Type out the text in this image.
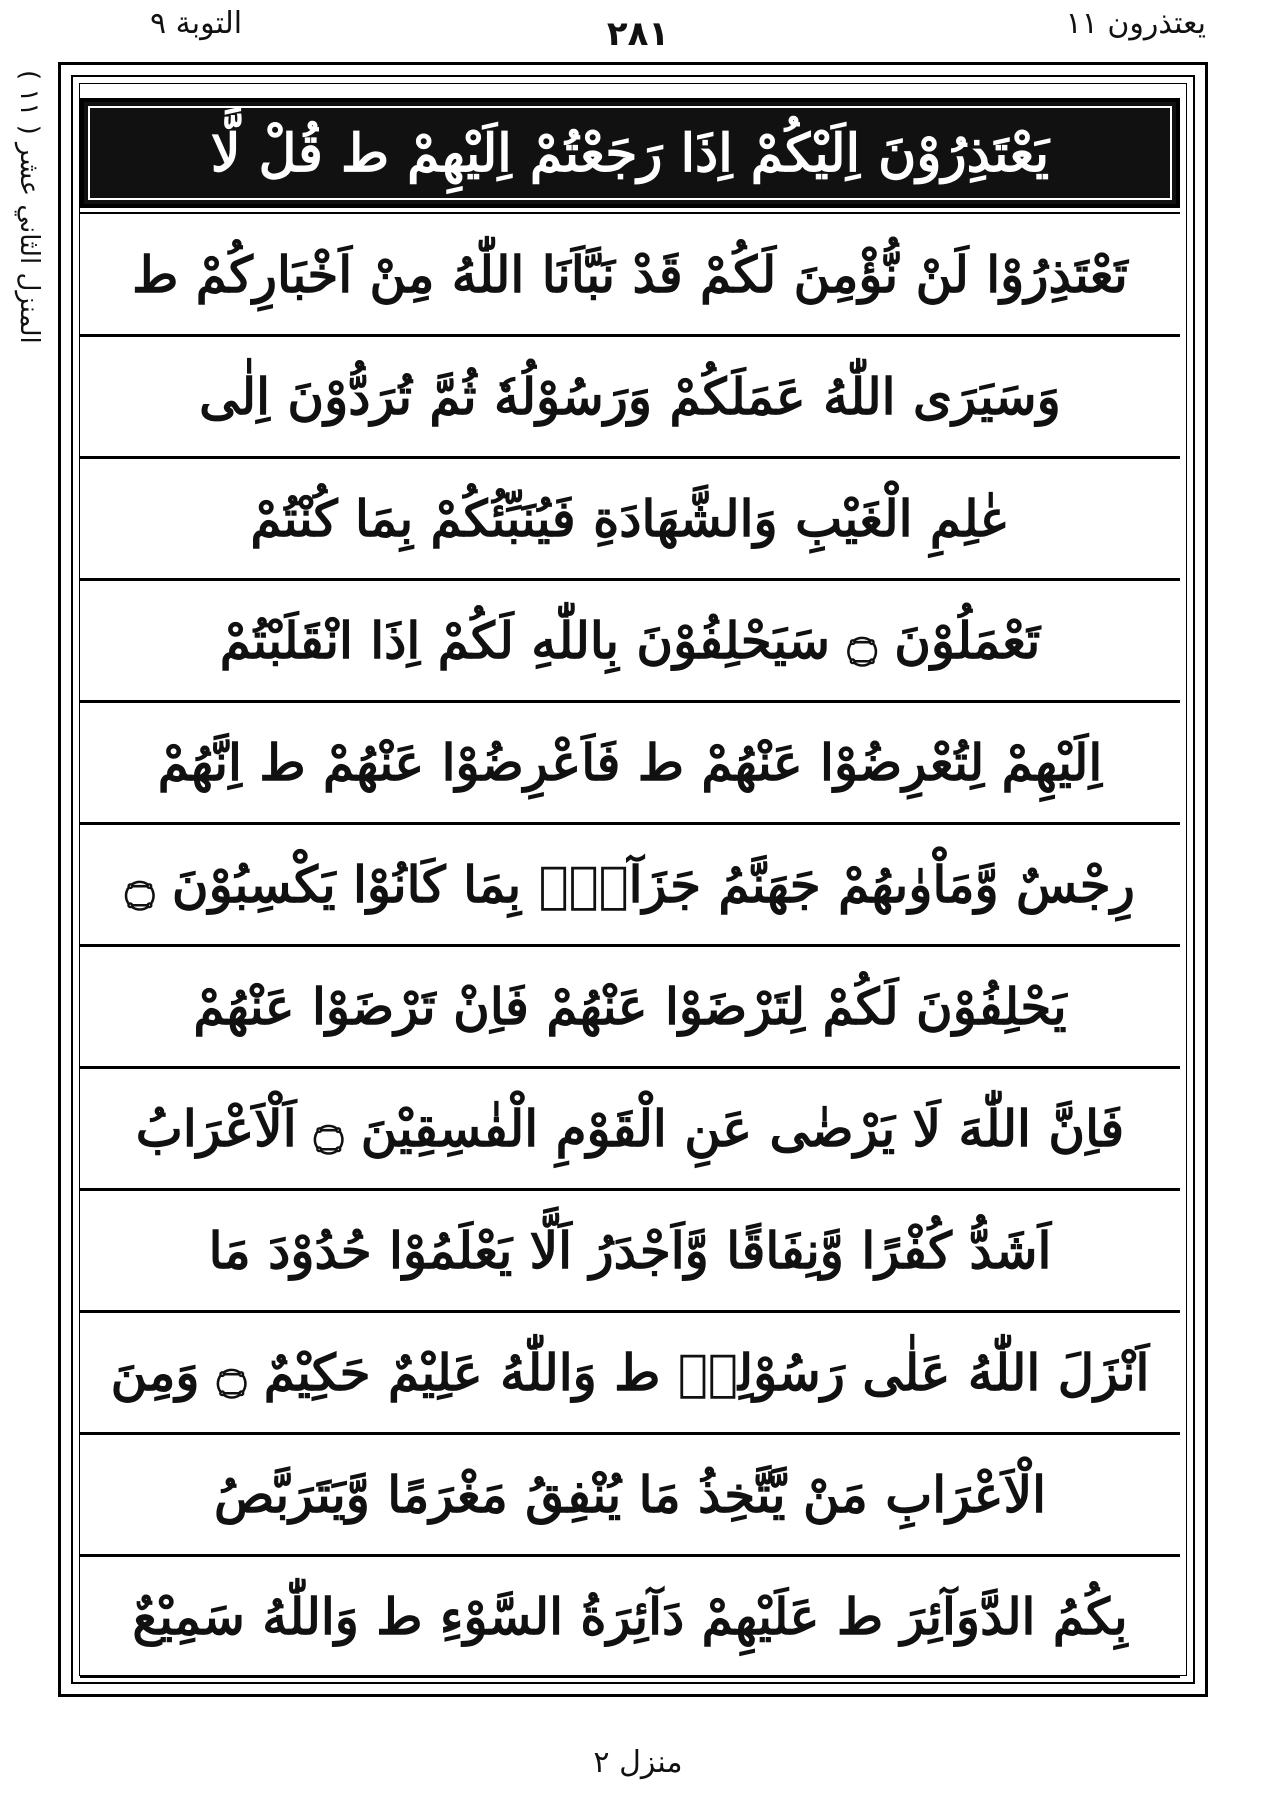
التوبة ٩	٢٨١	يعتذرون ١١
( ١١ ) المنزل الثاني عشر	يَعْتَذِرُوْنَ اِلَيْكُمْ اِذَا رَجَعْتُمْ اِلَيْهِمْ ط قُلْ لَّا
تَعْتَذِرُوْا لَنْ نُّؤْمِنَ لَكُمْ قَدْ نَبَّاَنَا اللّٰهُ مِنْ اَخْبَارِكُمْ ط
وَسَيَرَى اللّٰهُ عَمَلَكُمْ وَرَسُوْلُهٗ ثُمَّ تُرَدُّوْنَ اِلٰى
عٰلِمِ الْغَيْبِ وَالشَّهَادَةِ فَيُنَبِّئُكُمْ بِمَا كُنْتُمْ
تَعْمَلُوْنَ ۝ سَيَحْلِفُوْنَ بِاللّٰهِ لَكُمْ اِذَا انْقَلَبْتُمْ
اِلَيْهِمْ لِتُعْرِضُوْا عَنْهُمْ ط فَاَعْرِضُوْا عَنْهُمْ ط اِنَّهُمْ
رِجْسٌ وَّمَاْوٰىهُمْ جَهَنَّمُ جَزَآءًۢ بِمَا كَانُوْا يَكْسِبُوْنَ ۝
يَحْلِفُوْنَ لَكُمْ لِتَرْضَوْا عَنْهُمْ فَاِنْ تَرْضَوْا عَنْهُمْ
فَاِنَّ اللّٰهَ لَا يَرْضٰى عَنِ الْقَوْمِ الْفٰسِقِيْنَ ۝ اَلْاَعْرَابُ
اَشَدُّ كُفْرًا وَّنِفَاقًا وَّاَجْدَرُ اَلَّا يَعْلَمُوْا حُدُوْدَ مَا
اَنْزَلَ اللّٰهُ عَلٰى رَسُوْلِهٖ ط وَاللّٰهُ عَلِيْمٌ حَكِيْمٌ ۝ وَمِنَ
الْاَعْرَابِ مَنْ يَّتَّخِذُ مَا يُنْفِقُ مَغْرَمًا وَّيَتَرَبَّصُ
بِكُمُ الدَّوَآئِرَ ط عَلَيْهِمْ دَآئِرَةُ السَّوْءِ ط وَاللّٰهُ سَمِيْعٌ
منزل ٢
